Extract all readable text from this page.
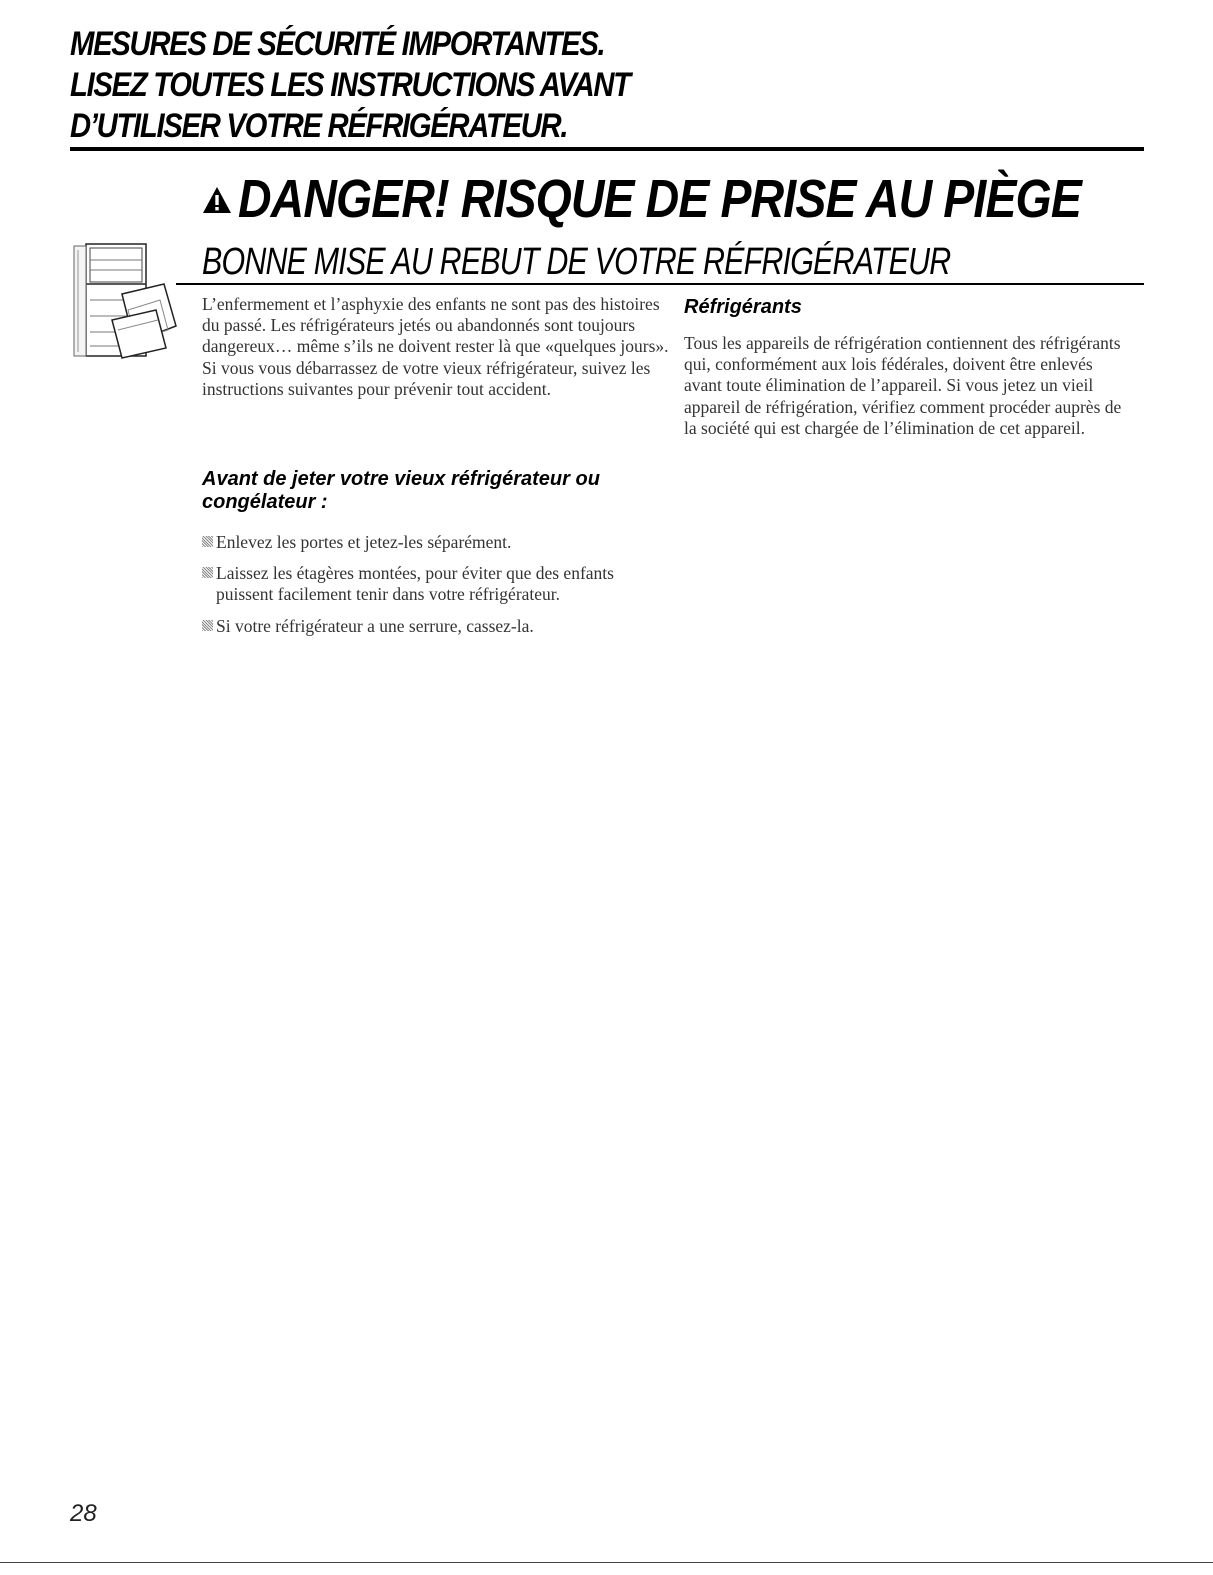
MESURES DE SÉCURITÉ IMPORTANTES.
LISEZ TOUTES LES INSTRUCTIONS AVANT
D’UTILISER VOTRE RÉFRIGÉRATEUR.
DANGER! RISQUE DE PRISE AU PIÈGE
BONNE MISE AU REBUT DE VOTRE RÉFRIGÉRATEUR

L’enfermement et l’asphyxie des enfants ne sont pas des histoires du passé. Les réfrigérateurs jetés ou abandonnés sont toujours dangereux… même s’ils ne doivent rester là que «quelques jours». Si vous vous débarrassez de votre vieux réfrigérateur, suivez les instructions suivantes pour prévenir tout accident.

Avant de jeter votre vieux réfrigérateur ou congélateur :
Enlevez les portes et jetez-les séparément.
Laissez les étagères montées, pour éviter que des enfants puissent facilement tenir dans votre réfrigérateur.
Si votre réfrigérateur a une serrure, cassez-la.
Réfrigérants

Tous les appareils de réfrigération contiennent des réfrigérants qui, conformément aux lois fédérales, doivent être enlevés avant toute élimination de l’appareil. Si vous jetez un vieil appareil de réfrigération, vérifiez comment procéder auprès de la société qui est chargée de l’élimination de cet appareil.

28
